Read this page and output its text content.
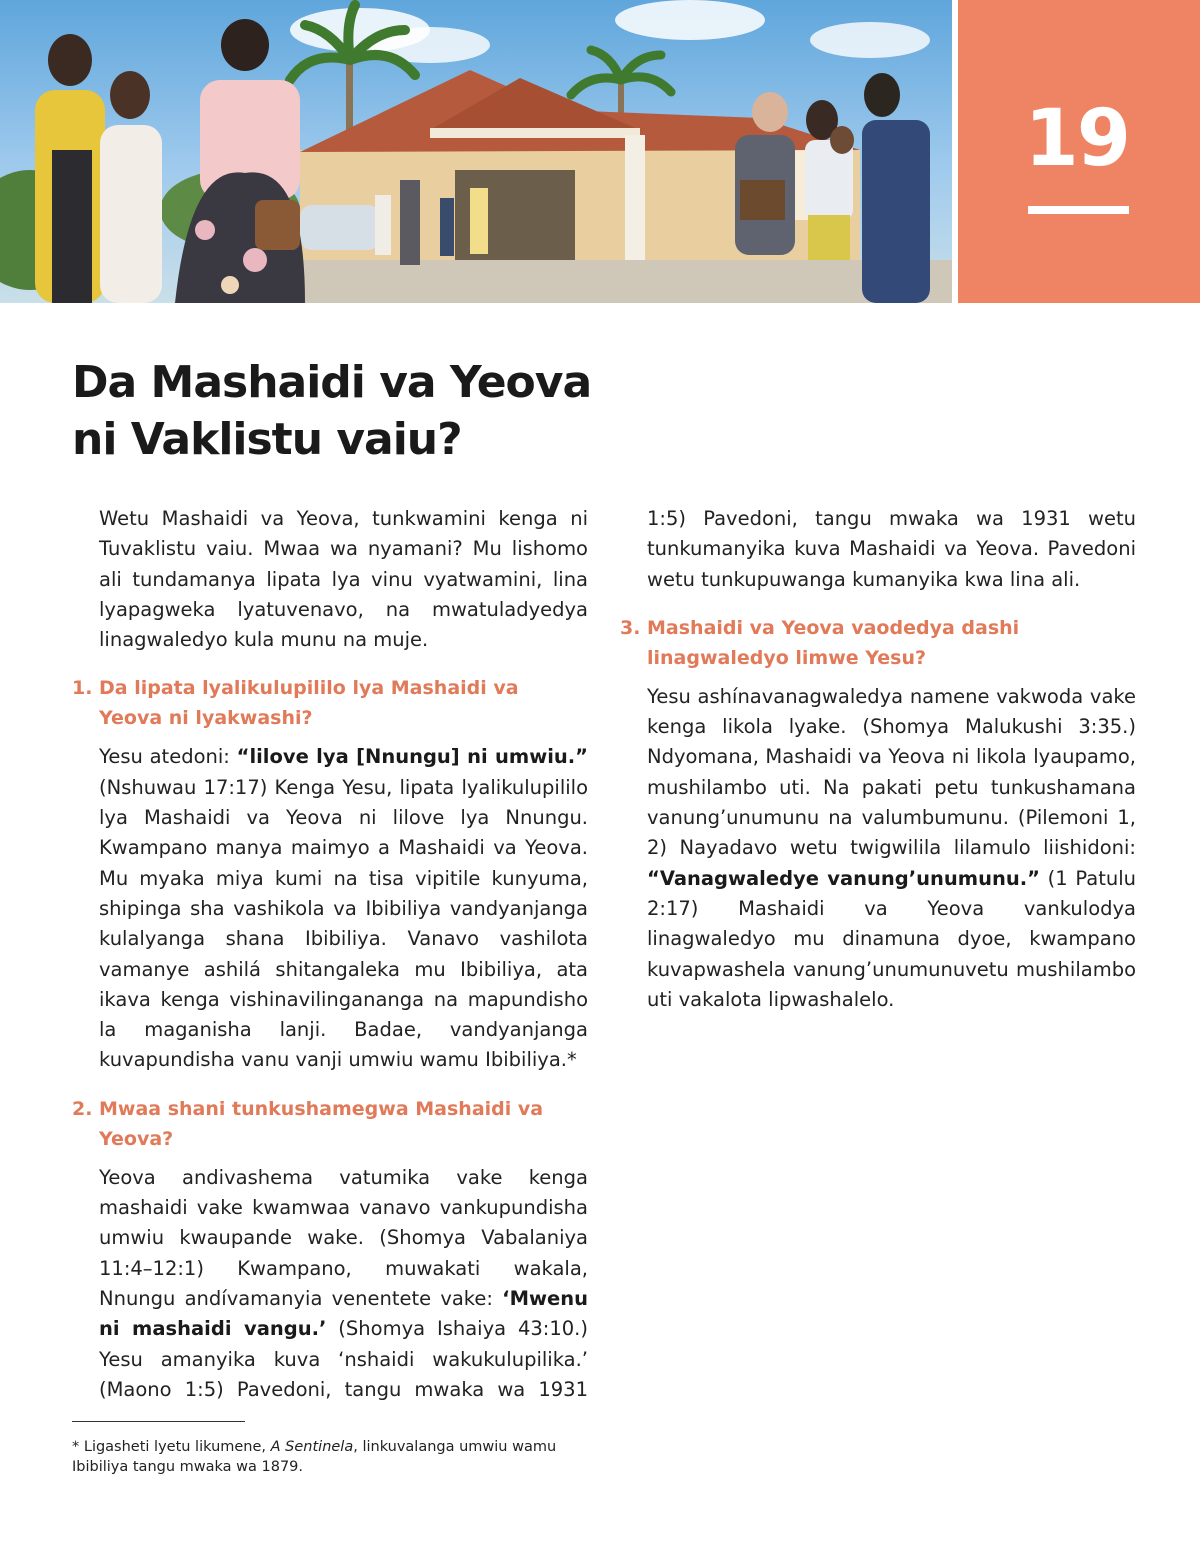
19
Da Mashaidi va Yeova
ni Vaklistu vaiu?

Wetu Mashaidi va Yeova, tunkwamini kenga ni Tuvaklistu vaiu. Mwaa wa nyamani? Mu lishomo ali tundamanya lipata lya vinu vyatwamini, lina lyapagweka lyatuvenavo, na mwatuladyedya linagwaledyo kula munu na muje.

1. Da lipata lyalikulupililo lya Mashaidi va Yeova ni lyakwashi?

Yesu atedoni: “lilove lya [Nnungu] ni umwiu.” (Nshuwau 17:17) Kenga Yesu, lipata lyalikulupililo lya Mashaidi va Yeova ni lilove lya Nnungu. Kwampano manya maimyo a Mashaidi va Yeova. Mu myaka miya kumi na tisa vipitile kunyuma, shipinga sha vashikola va Ibibiliya vandyanjanga kulalyanga shana Ibibiliya. Vanavo vashilota vamanye ashilá shitangaleka mu Ibibiliya, ata ikava kenga vishinavilingananga na mapundisho la maganisha lanji. Badae, vandyanjanga kuvapundisha vanu vanji umwiu wamu Ibibiliya.*

2. Mwaa shani tunkushamegwa Mashaidi va Yeova?

Yeova andivashema vatumika vake kenga mashaidi vake kwamwaa vanavo vankupundisha umwiu kwaupande wake. (Shomya Vabalaniya 11:4–12:1) Kwampano, muwakati wakala, Nnungu andívamanyia venentete vake: ‘Mwenu ni mashaidi vangu.’ (Shomya Ishaiya 43:10.) Yesu amanyika kuva ‘nshaidi wakukulupilika.’ (Maono 1:5) Pavedoni, tangu mwaka wa 1931

1:5) Pavedoni, tangu mwaka wa 1931 wetu tunkumanyika kuva Mashaidi va Yeova. Pavedoni wetu tunkupuwanga kumanyika kwa lina ali.

3. Mashaidi va Yeova vaodedya dashi linagwaledyo limwe Yesu?

Yesu ashínavanagwaledya namene vakwoda vake kenga likola lyake. (Shomya Malukushi 3:35.) Ndyomana, Mashaidi va Yeova ni likola lyaupamo, mushilambo uti. Na pakati petu tunkushamana vanung’unumunu na valumbumunu. (Pilemoni 1, 2) Nayadavo wetu twigwilila lilamulo liishidoni: “Vanagwaledye vanung’unumunu.” (1 Patulu 2:17) Mashaidi va Yeova vankulodya linagwaledyo mu dinamuna dyoe, kwampano kuvapwashela vanung’unumunuvetu mushilambo uti vakalota lipwashalelo.

* Ligasheti lyetu likumene, A Sentinela, linkuvalanga umwiu wamu Ibibiliya tangu mwaka wa 1879.
